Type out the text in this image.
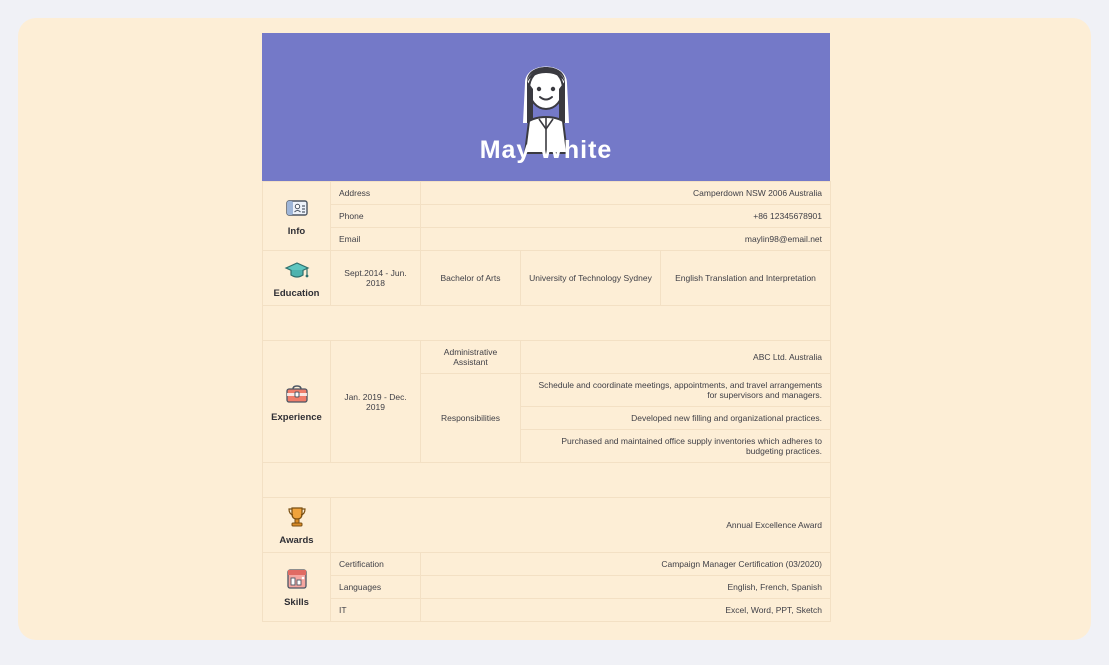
May White
Info	Address	Camperdown NSW 2006 Australia		
	Phone	+86 12345678901		
	Email	maylin98@email.net		

Education	Sept.2014 - Jun. 2018	Bachelor of Arts	University of Technology Sydney	English Translation and Interpretation

Experience	Jan. 2019 - Dec. 2019	Administrative Assistant	ABC Ltd. Australia	
		Responsibilities	Schedule and coordinate meetings, appointments, and travel arrangements for supervisors and managers.	
			Developed new filling and organizational practices.	
			Purchased and maintained office supply inventories which adheres to budgeting practices.	

Awards	Annual Excellence Award			

Skills	Certification	Campaign Manager Certification (03/2020)		
	Languages	English, French, Spanish		
	IT	Excel, Word, PPT, Sketch		
